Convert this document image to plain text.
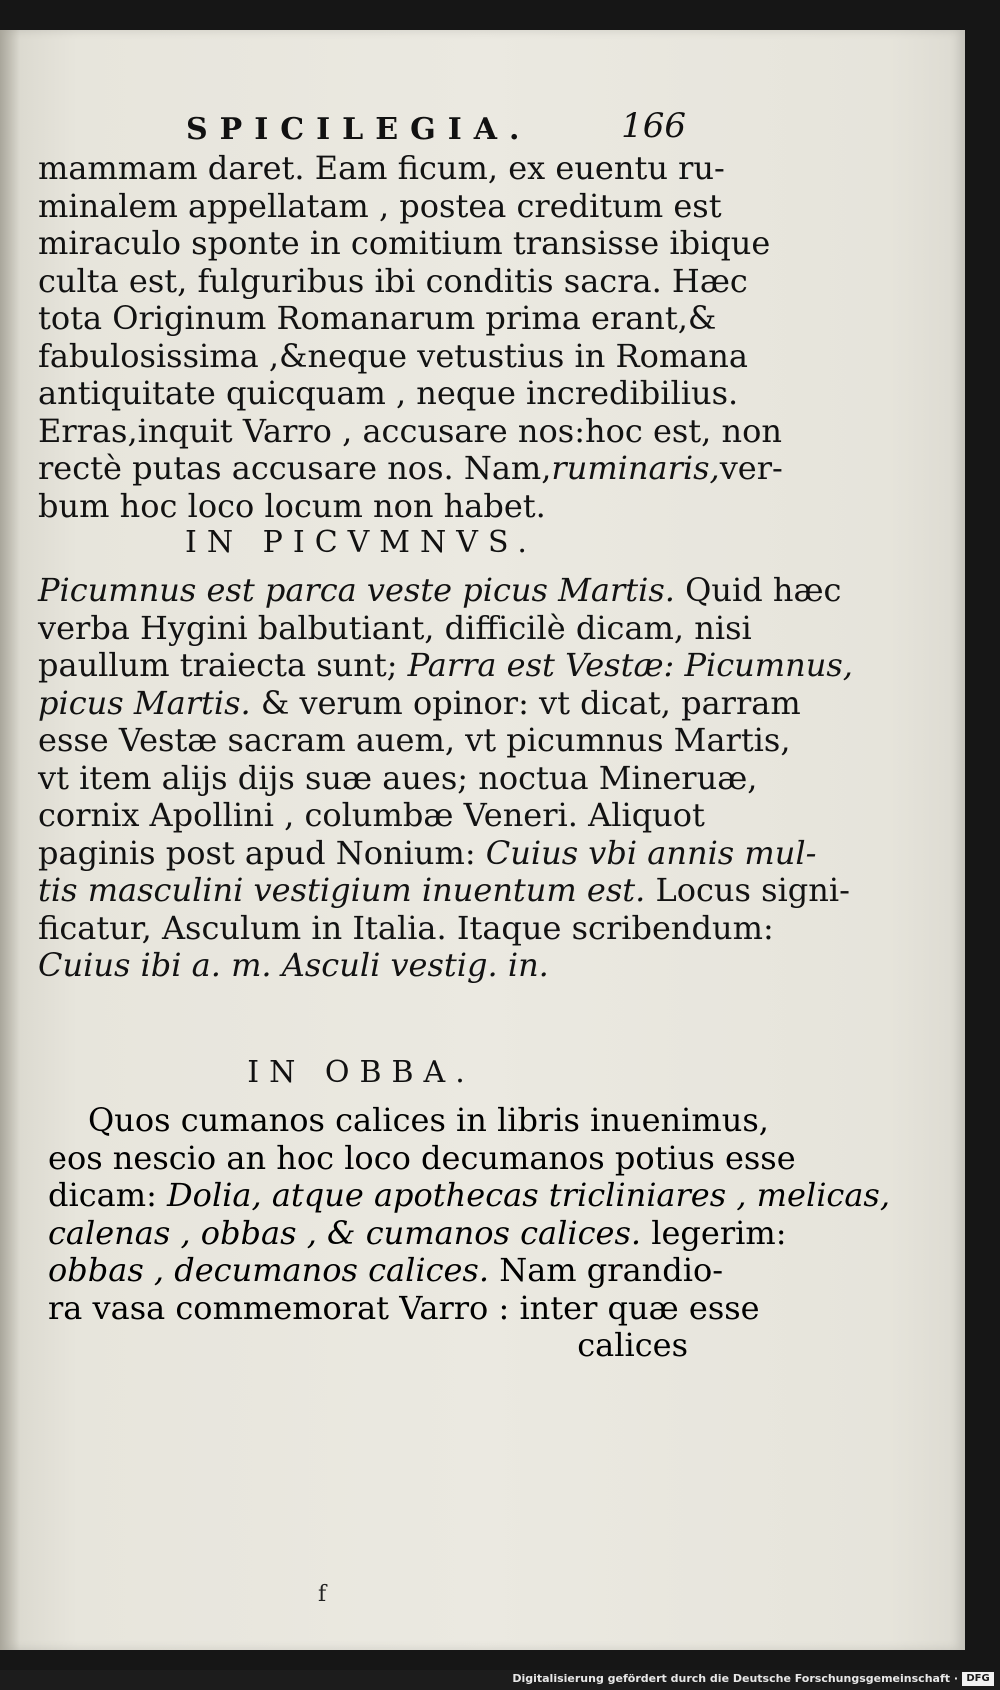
SPICILEGIA.	166
mammam daret. Eam ficum, ex euentu ru-
minalem appellatam , postea creditum est
miraculo sponte in comitium transisse ibique
culta est, fulguribus ibi conditis sacra. Hæc
tota Originum Romanarum prima erant,&
fabulosissima ,&neque vetustius in Romana
antiquitate quicquam , neque incredibilius.
Erras,inquit Varro , accusare nos:hoc est, non
rectè putas accusare nos. Nam,ruminaris,ver-
bum hoc loco locum non habet.
IN PICVMNVS.
Picumnus est parca veste picus Martis. Quid hæc
verba Hygini balbutiant, difficilè dicam, nisi
paullum traiecta sunt; Parra est Vestæ: Picumnus,
picus Martis. & verum opinor: vt dicat, parram
esse Vestæ sacram auem, vt picumnus Martis,
vt item alijs dijs suæ aues; noctua Mineruæ,
cornix Apollini , columbæ Veneri. Aliquot
paginis post apud Nonium: Cuius vbi annis mul-
tis masculini vestigium inuentum est. Locus signi-
ficatur, Asculum in Italia. Itaque scribendum:
Cuius ibi a. m. Asculi vestig. in.
IN OBBA.
Quos cumanos calices in libris inuenimus,
eos nescio an hoc loco decumanos potius esse
dicam: Dolia, atque apothecas tricliniares , melicas,
calenas , obbas , & cumanos calices. legerim:
obbas , decumanos calices. Nam grandio-
ra vasa commemorat Varro : inter quæ esse
calices
f
Digitalisierung gefördert durch die Deutsche Forschungsgemeinschaft · DFG
